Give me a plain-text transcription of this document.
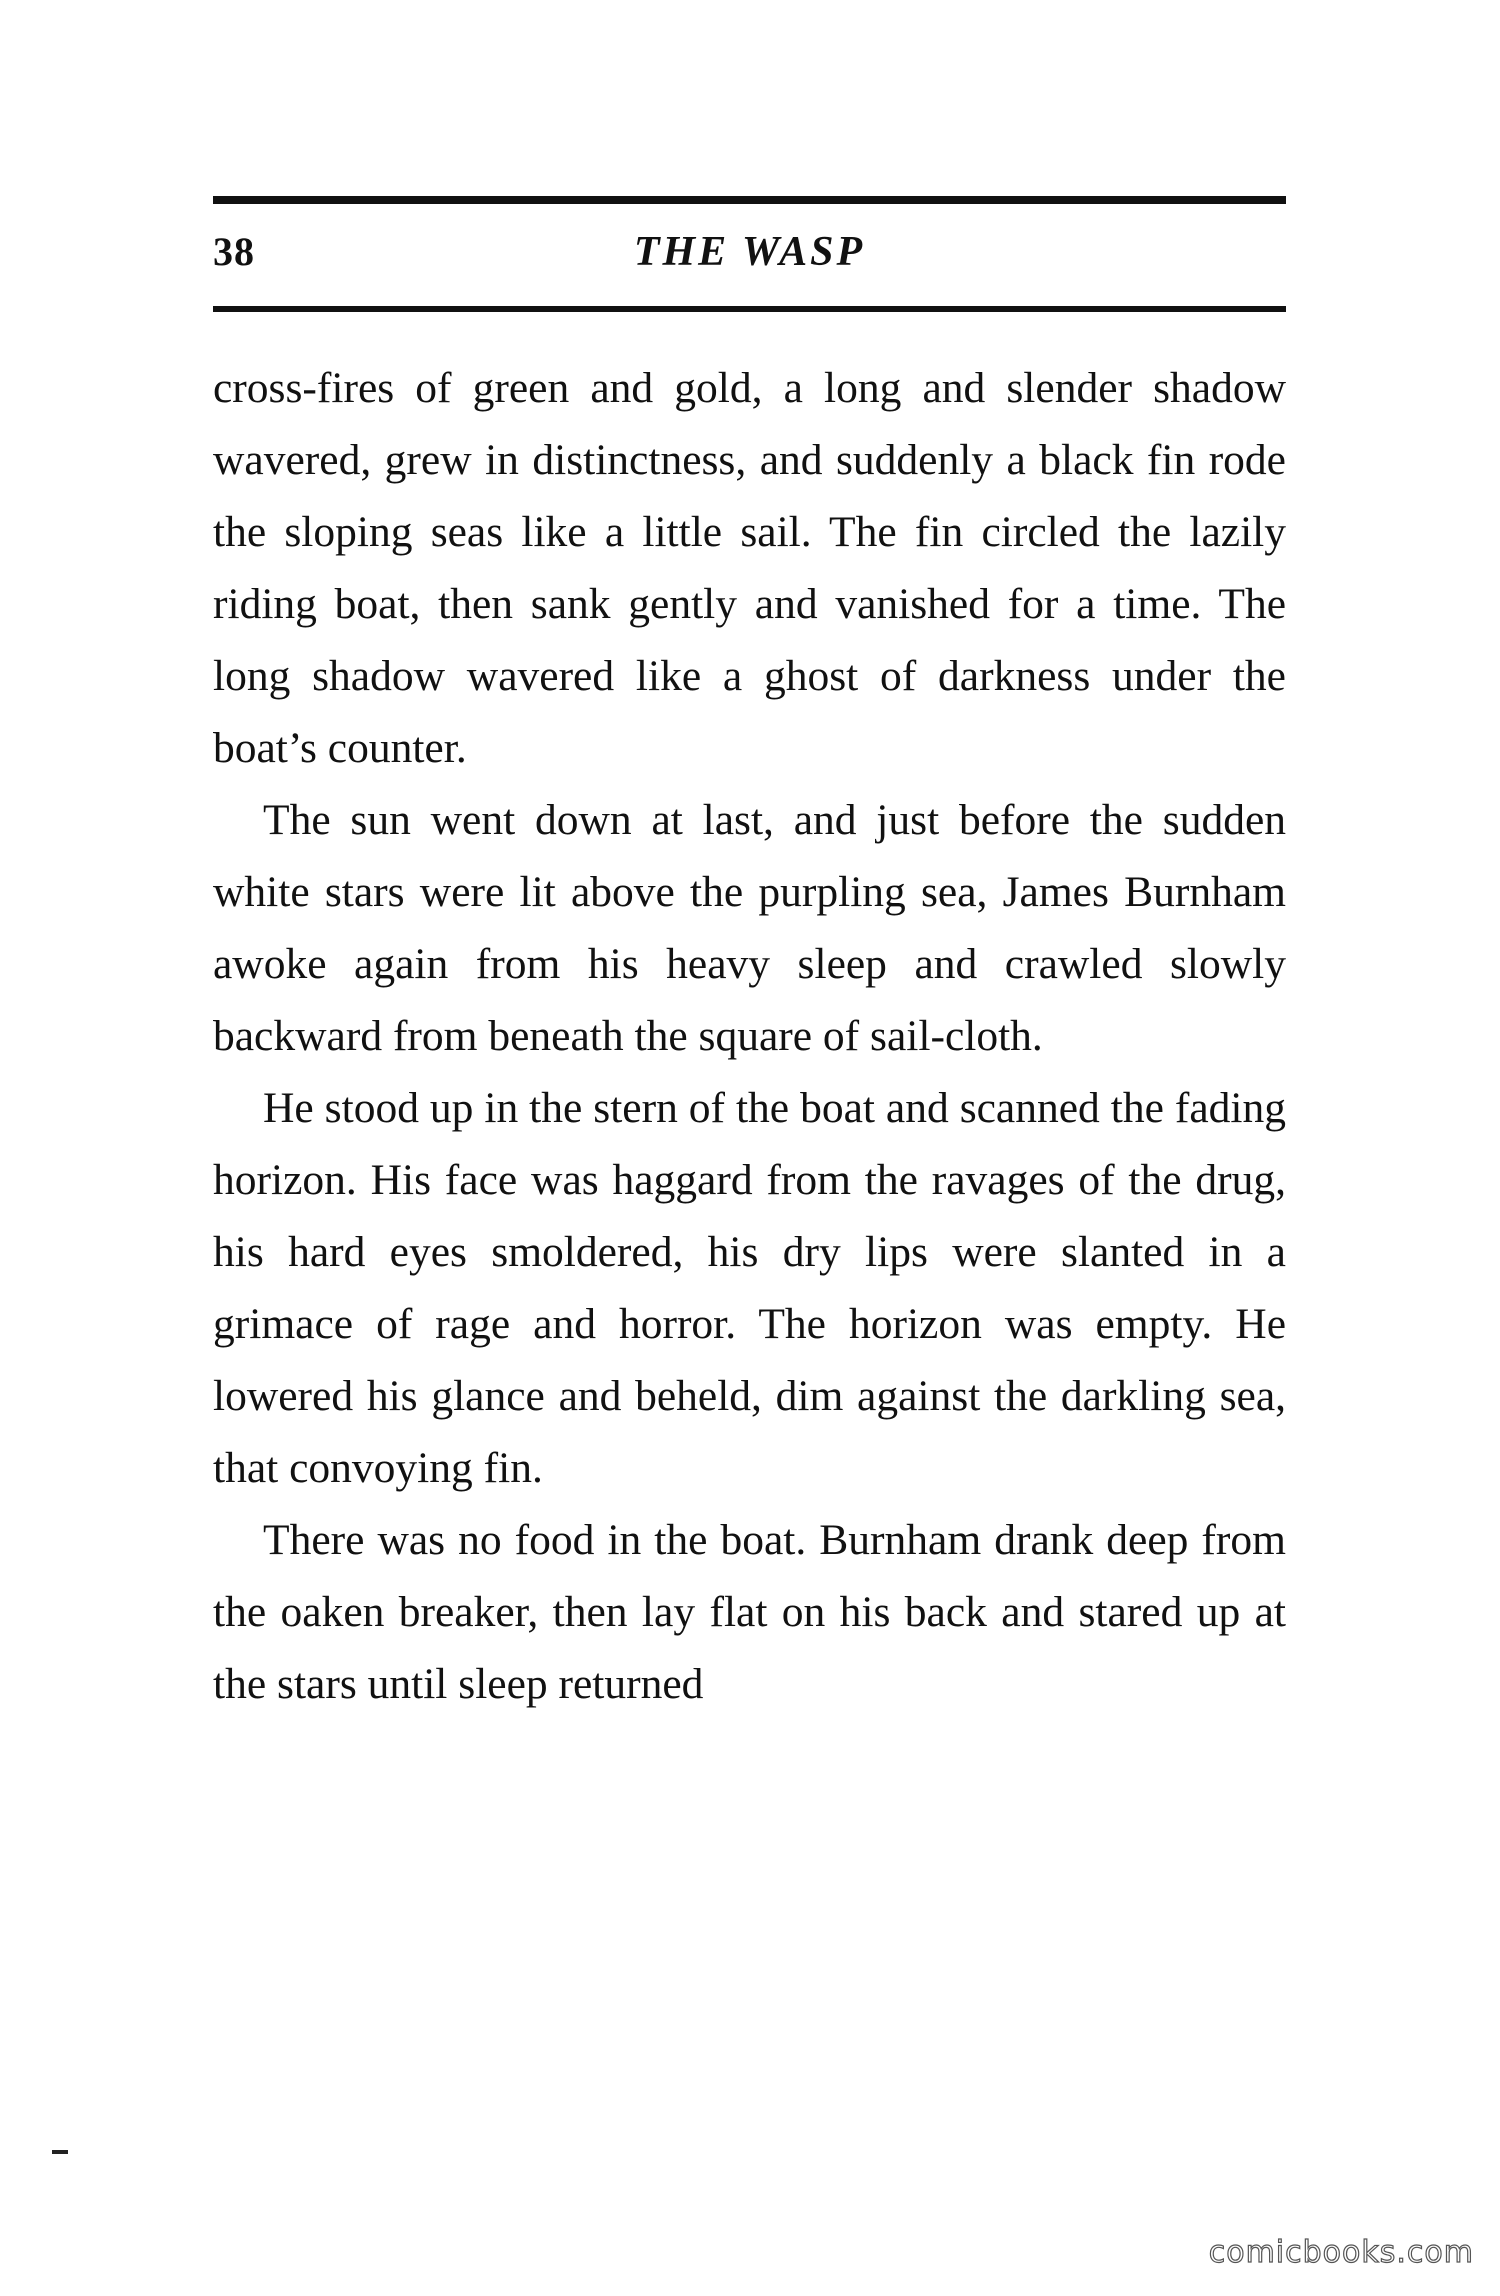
38	THE WASP

cross-fires of green and gold, a long and slender shadow wavered, grew in distinctness, and suddenly a black fin rode the sloping seas like a little sail. The fin circled the lazily riding boat, then sank gently and vanished for a time. The long shadow wavered like a ghost of darkness under the boat’s counter.

The sun went down at last, and just before the sudden white stars were lit above the purpling sea, James Burnham awoke again from his heavy sleep and crawled slowly backward from beneath the square of sail-cloth.

He stood up in the stern of the boat and scanned the fading horizon. His face was haggard from the ravages of the drug, his hard eyes smoldered, his dry lips were slanted in a grimace of rage and horror. The horizon was empty. He lowered his glance and beheld, dim against the darkling sea, that convoying fin.

There was no food in the boat. Burnham drank deep from the oaken breaker, then lay flat on his back and stared up at the stars until sleep returned

comicbooks.com
